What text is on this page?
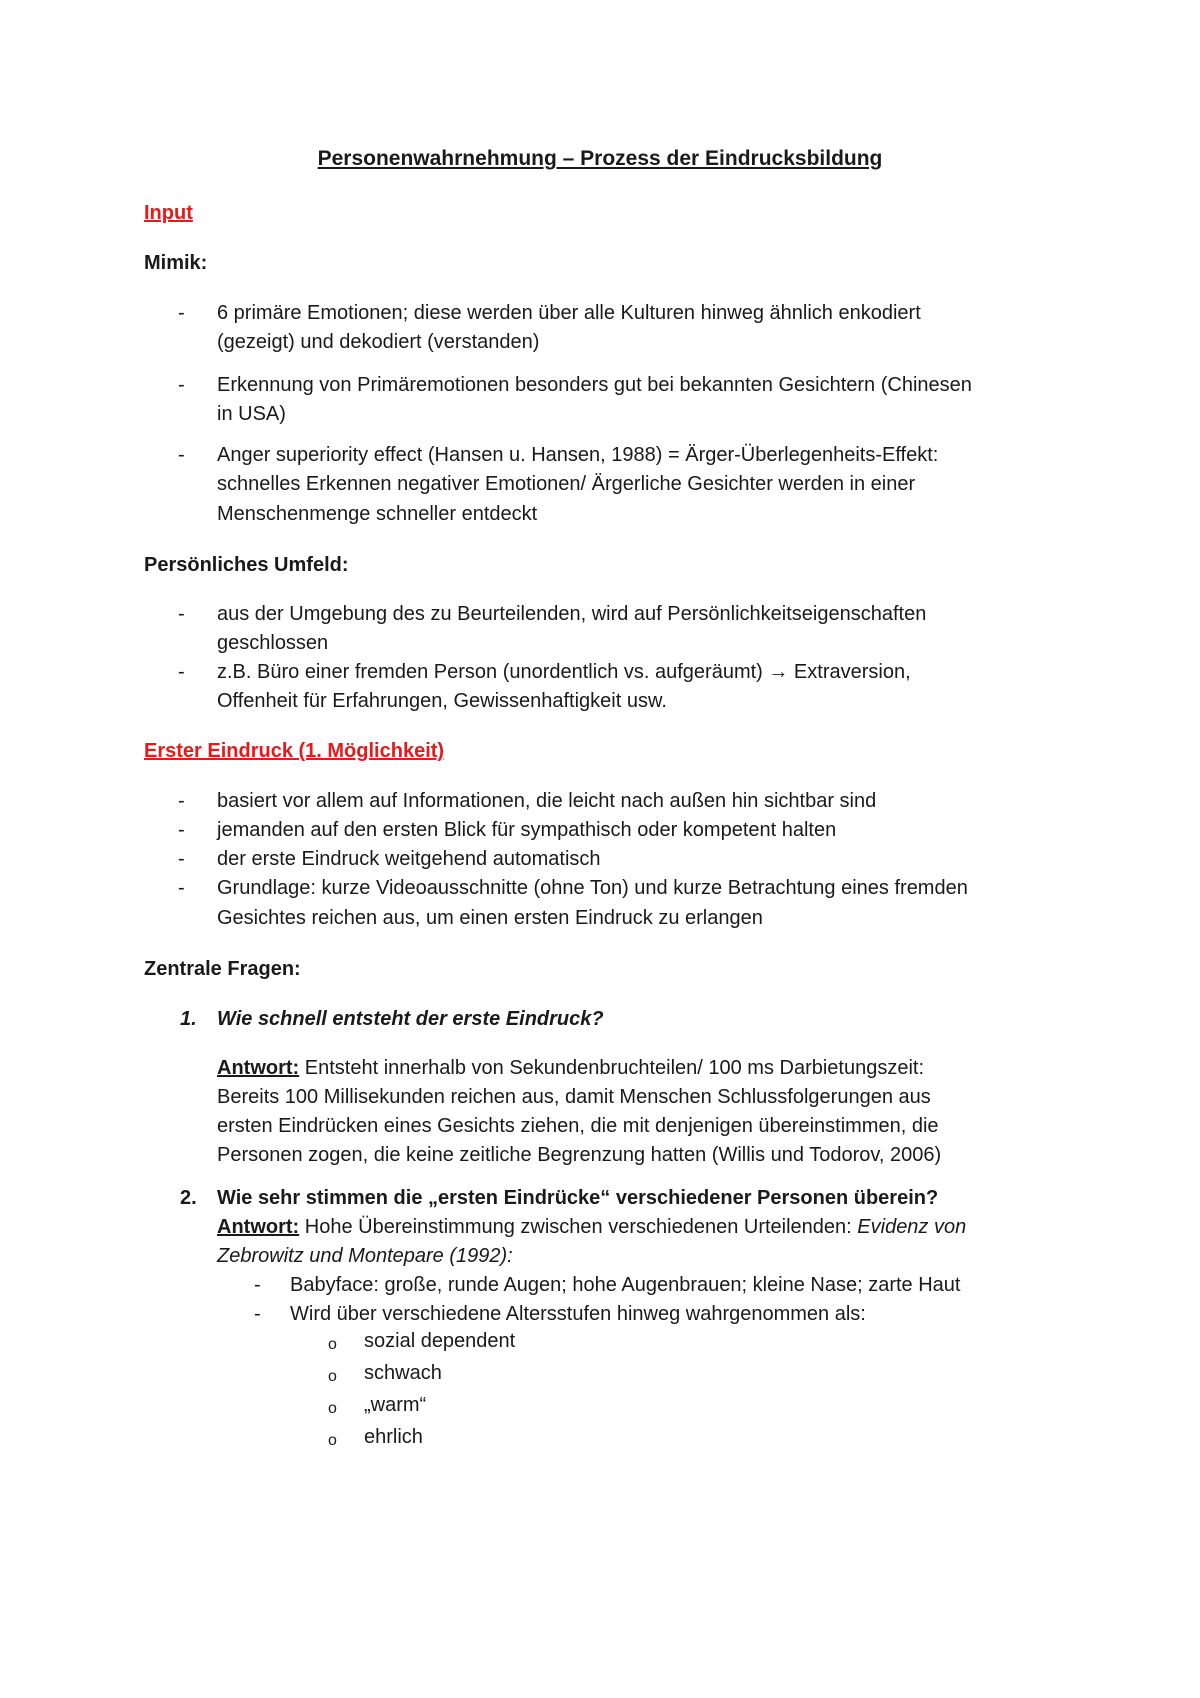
Personenwahrnehmung – Prozess der Eindrucksbildung
Input
Mimik:
- 6 primäre Emotionen; diese werden über alle Kulturen hinweg ähnlich enkodiert
(gezeigt) und dekodiert (verstanden)
- Erkennung von Primäremotionen besonders gut bei bekannten Gesichtern (Chinesen
in USA)
- Anger superiority effect (Hansen u. Hansen, 1988) = Ärger-Überlegenheits-Effekt:
schnelles Erkennen negativer Emotionen/ Ärgerliche Gesichter werden in einer
Menschenmenge schneller entdeckt
Persönliches Umfeld:
- aus der Umgebung des zu Beurteilenden, wird auf Persönlichkeitseigenschaften
geschlossen
- z.B. Büro einer fremden Person (unordentlich vs. aufgeräumt) → Extraversion,
Offenheit für Erfahrungen, Gewissenhaftigkeit usw.
Erster Eindruck (1. Möglichkeit)
- basiert vor allem auf Informationen, die leicht nach außen hin sichtbar sind
- jemanden auf den ersten Blick für sympathisch oder kompetent halten
- der erste Eindruck weitgehend automatisch
- Grundlage: kurze Videoausschnitte (ohne Ton) und kurze Betrachtung eines fremden
Gesichtes reichen aus, um einen ersten Eindruck zu erlangen
Zentrale Fragen:
1. Wie schnell entsteht der erste Eindruck?
Antwort: Entsteht innerhalb von Sekundenbruchteilen/ 100 ms Darbietungszeit:
Bereits 100 Millisekunden reichen aus, damit Menschen Schlussfolgerungen aus
ersten Eindrücken eines Gesichts ziehen, die mit denjenigen übereinstimmen, die
Personen zogen, die keine zeitliche Begrenzung hatten (Willis und Todorov, 2006)
2. Wie sehr stimmen die „ersten Eindrücke“ verschiedener Personen überein?
Antwort: Hohe Übereinstimmung zwischen verschiedenen Urteilenden: Evidenz von
Zebrowitz und Montepare (1992):
- Babyface: große, runde Augen; hohe Augenbrauen; kleine Nase; zarte Haut
- Wird über verschiedene Altersstufen hinweg wahrgenommen als:
o sozial dependent
o schwach
o „warm“
o ehrlich
